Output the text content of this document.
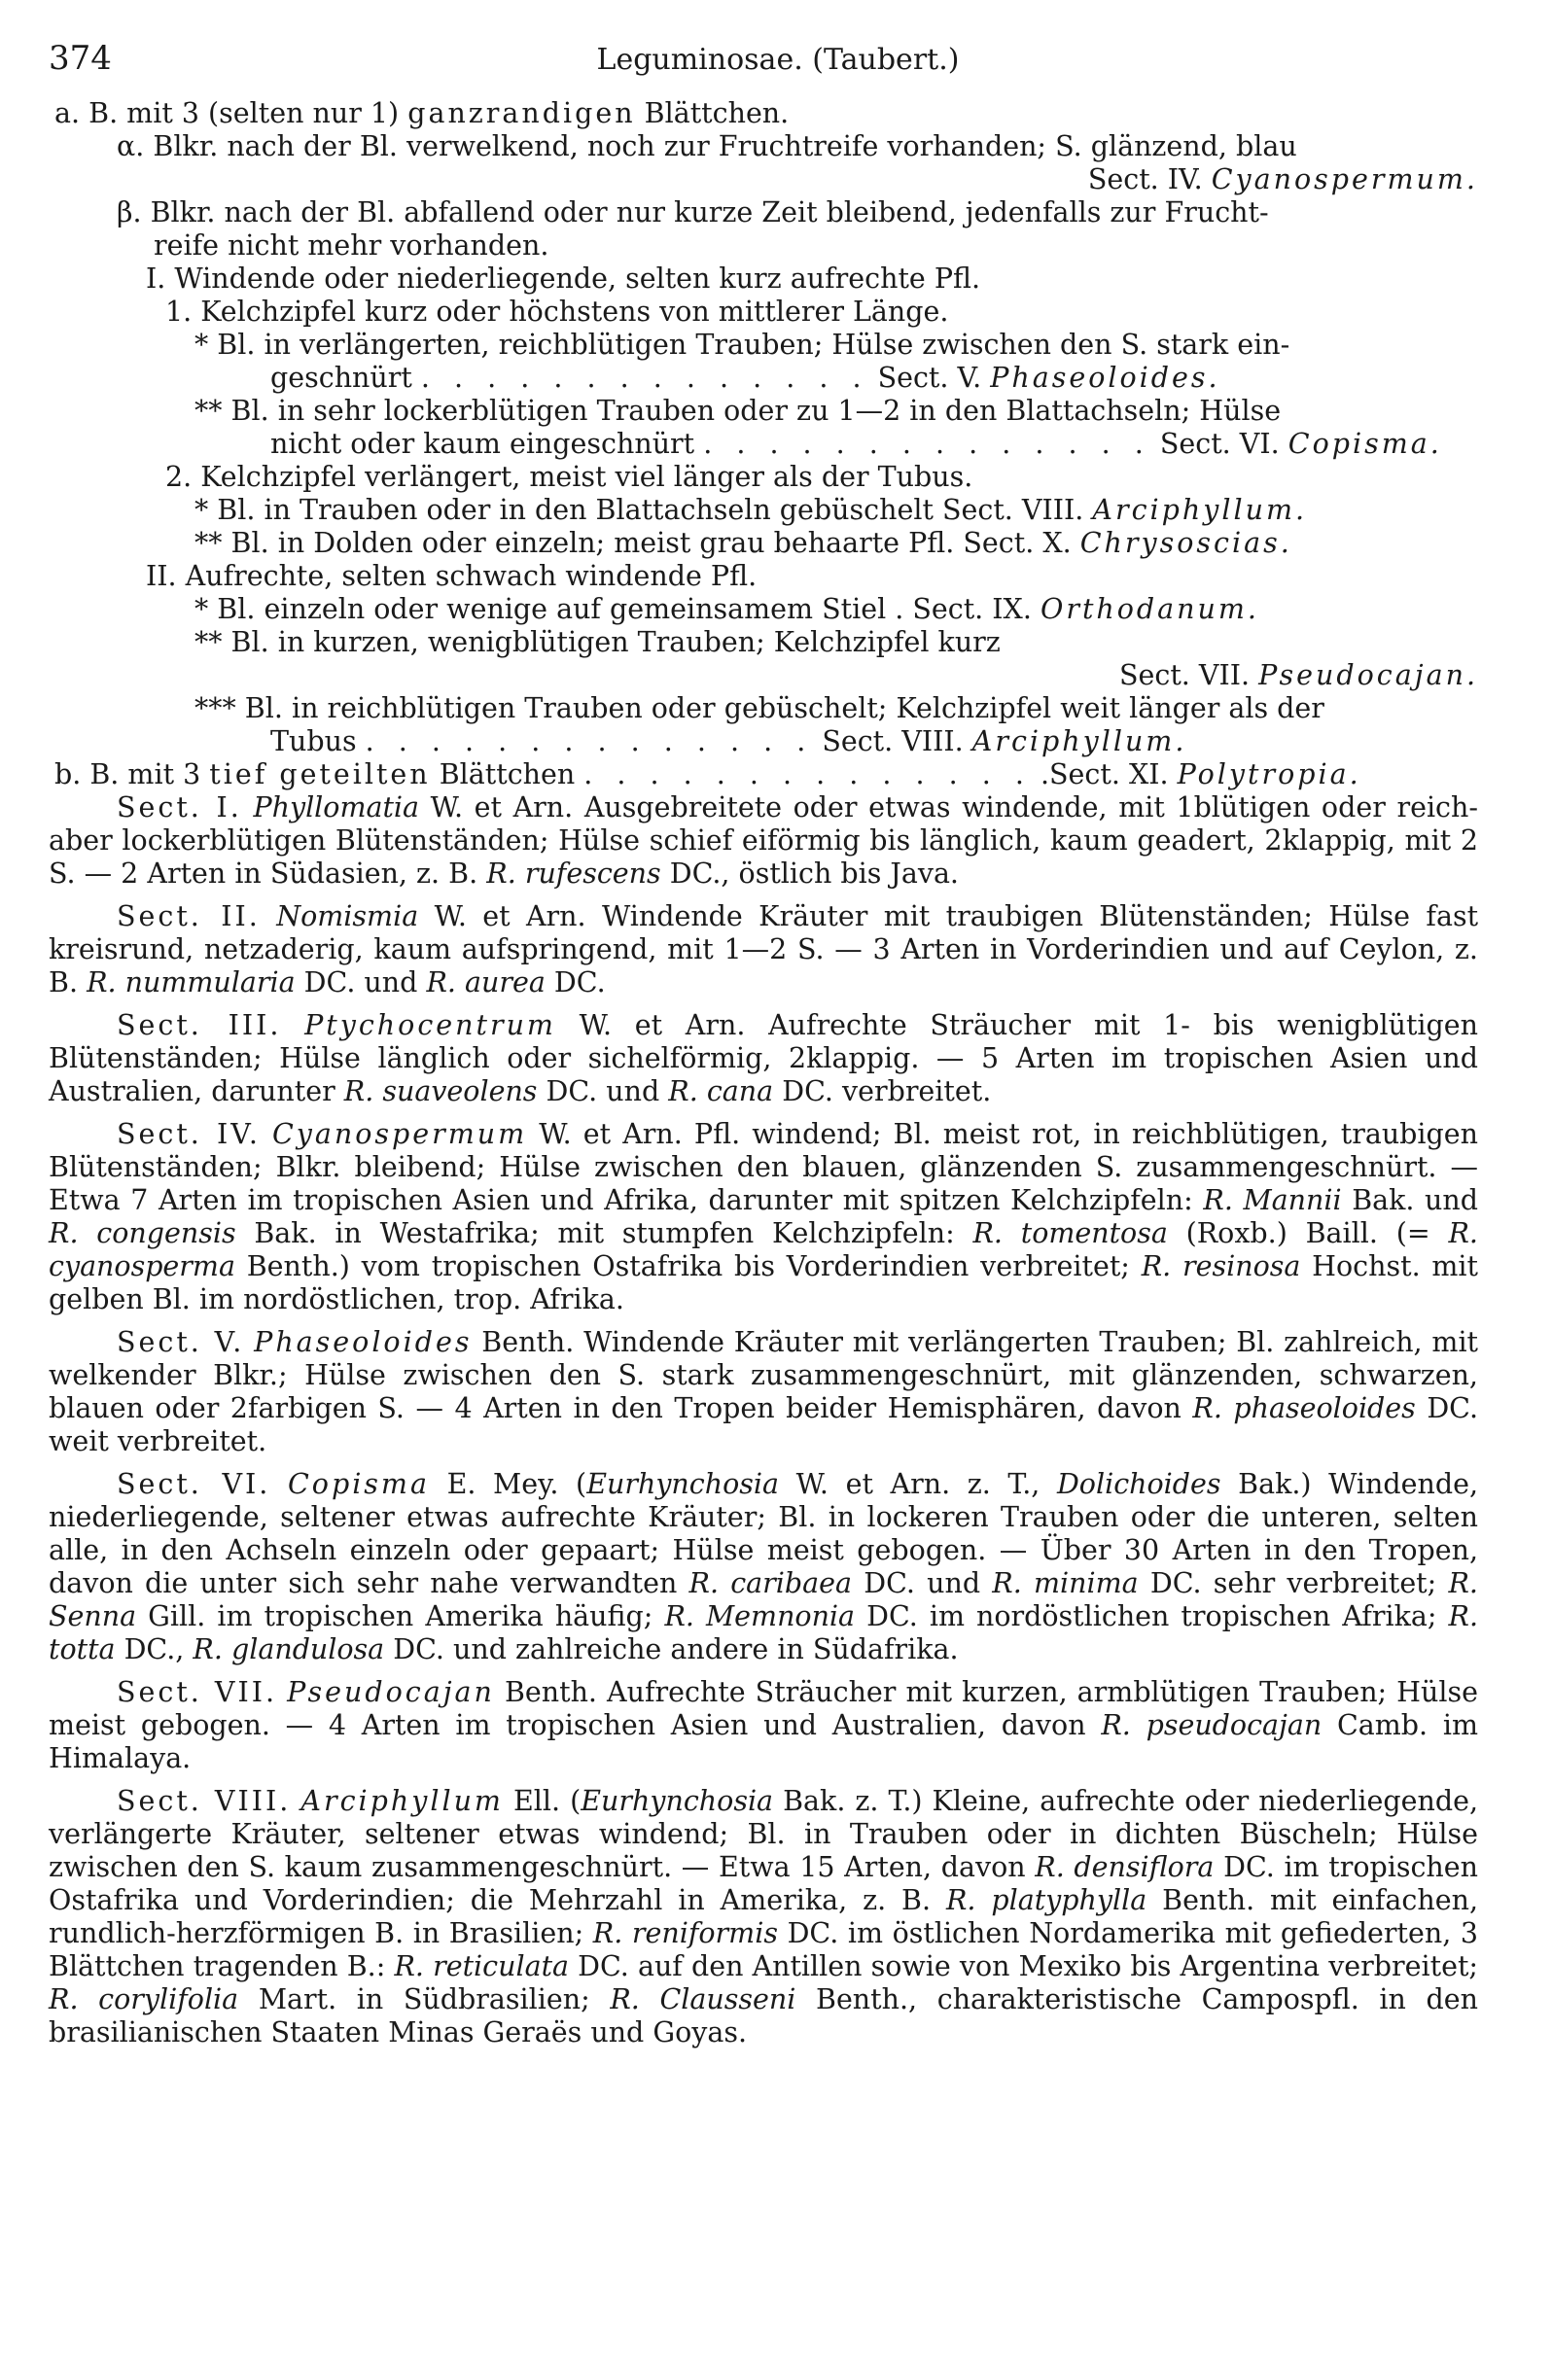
374	Leguminosae. (Taubert.)

a. B. mit 3 (selten nur 1) ganzrandigen Blättchen.

α. Blkr. nach der Bl. verwelkend, noch zur Fruchtreife vorhanden; S. glänzend, blau

Sect. IV. Cyanospermum.

β. Blkr. nach der Bl. abfallend oder nur kurze Zeit bleibend, jedenfalls zur Frucht-

reife nicht mehr vorhanden.

I. Windende oder niederliegende, selten kurz aufrechte Pfl.

1. Kelchzipfel kurz oder höchstens von mittlerer Länge.

* Bl. in verlängerten, reichblütigen Trauben; Hülse zwischen den S. stark ein-

geschnürt . . . . . . . . . . . . . . Sect. V. Phaseoloides.

** Bl. in sehr lockerblütigen Trauben oder zu 1—2 in den Blattachseln; Hülse

nicht oder kaum eingeschnürt . . . . . . . . . . . . . . Sect. VI. Copisma.

2. Kelchzipfel verlängert, meist viel länger als der Tubus.

* Bl. in Trauben oder in den Blattachseln gebüschelt Sect. VIII. Arciphyllum.

** Bl. in Dolden oder einzeln; meist grau behaarte Pfl. Sect. X. Chrysoscias.

II. Aufrechte, selten schwach windende Pfl.

* Bl. einzeln oder wenige auf gemeinsamem Stiel . Sect. IX. Orthodanum.

** Bl. in kurzen, wenigblütigen Trauben; Kelchzipfel kurz

Sect. VII. Pseudocajan.

*** Bl. in reichblütigen Trauben oder gebüschelt; Kelchzipfel weit länger als der

Tubus . . . . . . . . . . . . . . Sect. VIII. Arciphyllum.

b. B. mit 3 tief geteilten Blättchen . . . . . . . . . . . . . . .Sect. XI. Polytropia.

Sect. I. Phyllomatia W. et Arn. Ausgebreitete oder etwas windende, mit 1blütigen oder reich- aber lockerblütigen Blütenständen; Hülse schief eiförmig bis länglich, kaum geadert, 2klappig, mit 2 S. — 2 Arten in Südasien, z. B. R. rufescens DC., östlich bis Java.

Sect. II. Nomismia W. et Arn. Windende Kräuter mit traubigen Blütenständen; Hülse fast kreisrund, netzaderig, kaum aufspringend, mit 1—2 S. — 3 Arten in Vorderindien und auf Ceylon, z. B. R. nummularia DC. und R. aurea DC.

Sect. III. Ptychocentrum W. et Arn. Aufrechte Sträucher mit 1- bis wenigblütigen Blütenständen; Hülse länglich oder sichelförmig, 2klappig. — 5 Arten im tropischen Asien und Australien, darunter R. suaveolens DC. und R. cana DC. verbreitet.

Sect. IV. Cyanospermum W. et Arn. Pfl. windend; Bl. meist rot, in reichblütigen, traubigen Blütenständen; Blkr. bleibend; Hülse zwischen den blauen, glänzenden S. zusammengeschnürt. — Etwa 7 Arten im tropischen Asien und Afrika, darunter mit spitzen Kelchzipfeln: R. Mannii Bak. und R. congensis Bak. in Westafrika; mit stumpfen Kelchzipfeln: R. tomentosa (Roxb.) Baill. (= R. cyanosperma Benth.) vom tropischen Ostafrika bis Vorderindien verbreitet; R. resinosa Hochst. mit gelben Bl. im nordöstlichen, trop. Afrika.

Sect. V. Phaseoloides Benth. Windende Kräuter mit verlängerten Trauben; Bl. zahlreich, mit welkender Blkr.; Hülse zwischen den S. stark zusammengeschnürt, mit glänzenden, schwarzen, blauen oder 2farbigen S. — 4 Arten in den Tropen beider Hemisphären, davon R. phaseoloides DC. weit verbreitet.

Sect. VI. Copisma E. Mey. (Eurhynchosia W. et Arn. z. T., Dolichoides Bak.) Windende, niederliegende, seltener etwas aufrechte Kräuter; Bl. in lockeren Trauben oder die unteren, selten alle, in den Achseln einzeln oder gepaart; Hülse meist gebogen. — Über 30 Arten in den Tropen, davon die unter sich sehr nahe verwandten R. caribaea DC. und R. minima DC. sehr verbreitet; R. Senna Gill. im tropischen Amerika häufig; R. Memnonia DC. im nordöstlichen tropischen Afrika; R. totta DC., R. glandulosa DC. und zahlreiche andere in Südafrika.

Sect. VII. Pseudocajan Benth. Aufrechte Sträucher mit kurzen, armblütigen Trauben; Hülse meist gebogen. — 4 Arten im tropischen Asien und Australien, davon R. pseudocajan Camb. im Himalaya.

Sect. VIII. Arciphyllum Ell. (Eurhynchosia Bak. z. T.) Kleine, aufrechte oder niederliegende, verlängerte Kräuter, seltener etwas windend; Bl. in Trauben oder in dichten Büscheln; Hülse zwischen den S. kaum zusammengeschnürt. — Etwa 15 Arten, davon R. densiflora DC. im tropischen Ostafrika und Vorderindien; die Mehrzahl in Amerika, z. B. R. platyphylla Benth. mit einfachen, rundlich-herzförmigen B. in Brasilien; R. reniformis DC. im östlichen Nordamerika mit gefiederten, 3 Blättchen tragenden B.: R. reticulata DC. auf den Antillen sowie von Mexiko bis Argentina verbreitet; R. corylifolia Mart. in Südbrasilien; R. Clausseni Benth., charakteristische Campospfl. in den brasilianischen Staaten Minas Geraës und Goyas.
